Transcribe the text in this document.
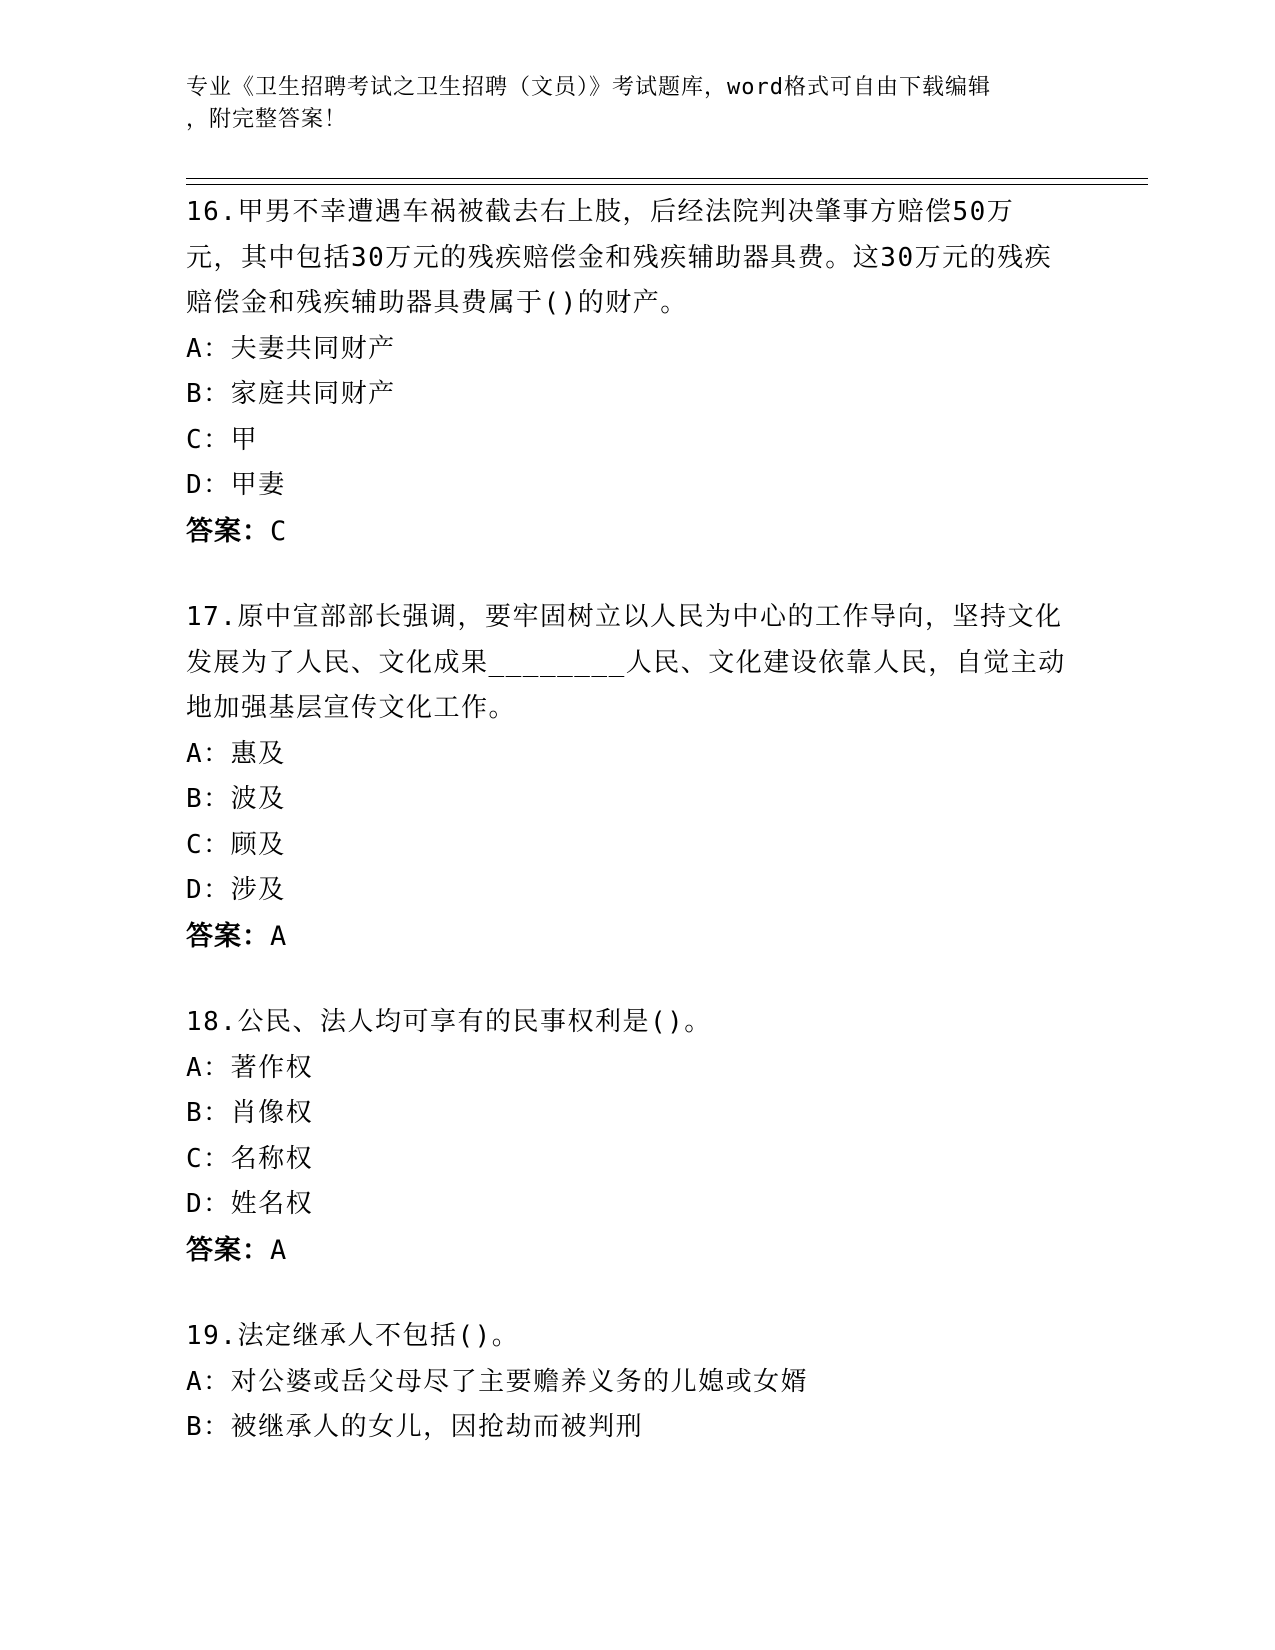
专业《卫生招聘考试之卫生招聘（文员）》考试题库，word格式可自由下载编辑
，附完整答案！
16.甲男不幸遭遇车祸被截去右上肢，后经法院判决肇事方赔偿50万元，其中包括30万元的残疾赔偿金和残疾辅助器具费。这30万元的残疾赔偿金和残疾辅助器具费属于()的财产。
A：夫妻共同财产
B：家庭共同财产
C：甲
D：甲妻
答案：C
17.原中宣部部长强调，要牢固树立以人民为中心的工作导向，坚持文化发展为了人民、文化成果________人民、文化建设依靠人民，自觉主动地加强基层宣传文化工作。
A：惠及
B：波及
C：顾及
D：涉及
答案：A
18.公民、法人均可享有的民事权利是()。
A：著作权
B：肖像权
C：名称权
D：姓名权
答案：A
19.法定继承人不包括()。
A：对公婆或岳父母尽了主要赡养义务的儿媳或女婿
B：被继承人的女儿，因抢劫而被判刑
